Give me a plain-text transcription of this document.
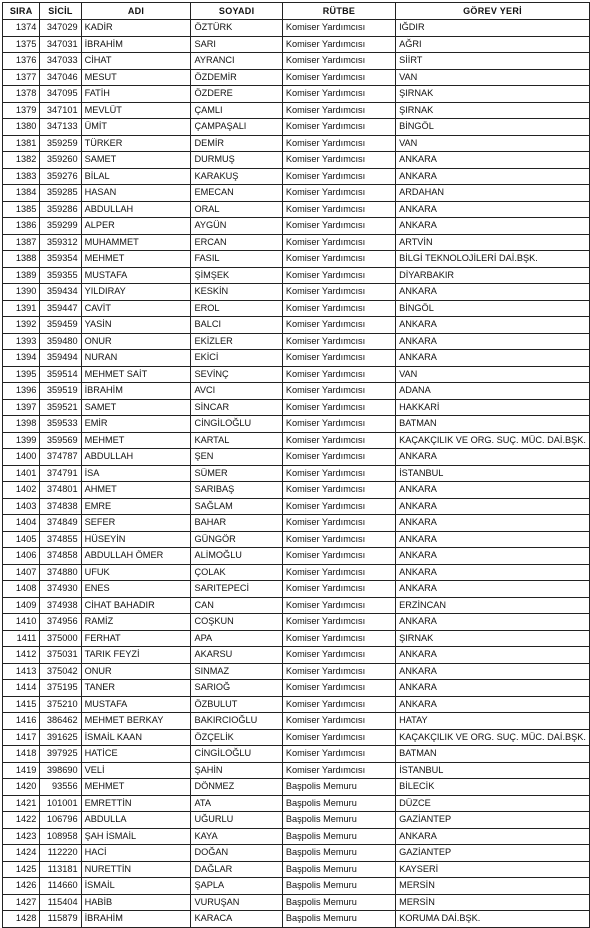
SIRA	SİCİL	ADI	SOYADI	RÜTBE	GÖREV YERİ
1374	347029	KADİR	ÖZTÜRK	Komiser Yardımcısı	IĞDIR
1375	347031	İBRAHİM	SARI	Komiser Yardımcısı	AĞRI
1376	347033	CİHAT	AYRANCI	Komiser Yardımcısı	SİİRT
1377	347046	MESUT	ÖZDEMİR	Komiser Yardımcısı	VAN
1378	347095	FATİH	ÖZDERE	Komiser Yardımcısı	ŞIRNAK
1379	347101	MEVLÜT	ÇAMLI	Komiser Yardımcısı	ŞIRNAK
1380	347133	ÜMİT	ÇAMPAŞALI	Komiser Yardımcısı	BİNGÖL
1381	359259	TÜRKER	DEMİR	Komiser Yardımcısı	VAN
1382	359260	SAMET	DURMUŞ	Komiser Yardımcısı	ANKARA
1383	359276	BİLAL	KARAKUŞ	Komiser Yardımcısı	ANKARA
1384	359285	HASAN	EMECAN	Komiser Yardımcısı	ARDAHAN
1385	359286	ABDULLAH	ORAL	Komiser Yardımcısı	ANKARA
1386	359299	ALPER	AYGÜN	Komiser Yardımcısı	ANKARA
1387	359312	MUHAMMET	ERCAN	Komiser Yardımcısı	ARTVİN
1388	359354	MEHMET	FASIL	Komiser Yardımcısı	BİLGİ TEKNOLOJİLERİ DAİ.BŞK.
1389	359355	MUSTAFA	ŞİMŞEK	Komiser Yardımcısı	DİYARBAKIR
1390	359434	YILDIRAY	KESKİN	Komiser Yardımcısı	ANKARA
1391	359447	CAVİT	EROL	Komiser Yardımcısı	BİNGÖL
1392	359459	YASİN	BALCI	Komiser Yardımcısı	ANKARA
1393	359480	ONUR	EKİZLER	Komiser Yardımcısı	ANKARA
1394	359494	NURAN	EKİCİ	Komiser Yardımcısı	ANKARA
1395	359514	MEHMET SAİT	SEVİNÇ	Komiser Yardımcısı	VAN
1396	359519	İBRAHİM	AVCI	Komiser Yardımcısı	ADANA
1397	359521	SAMET	SİNCAR	Komiser Yardımcısı	HAKKARİ
1398	359533	EMİR	CİNGİLOĞLU	Komiser Yardımcısı	BATMAN
1399	359569	MEHMET	KARTAL	Komiser Yardımcısı	KAÇAKÇILIK VE ORG. SUÇ. MÜC. DAİ.BŞK.
1400	374787	ABDULLAH	ŞEN	Komiser Yardımcısı	ANKARA
1401	374791	İSA	SÜMER	Komiser Yardımcısı	İSTANBUL
1402	374801	AHMET	SARIBAŞ	Komiser Yardımcısı	ANKARA
1403	374838	EMRE	SAĞLAM	Komiser Yardımcısı	ANKARA
1404	374849	SEFER	BAHAR	Komiser Yardımcısı	ANKARA
1405	374855	HÜSEYİN	GÜNGÖR	Komiser Yardımcısı	ANKARA
1406	374858	ABDULLAH ÖMER	ALİMOĞLU	Komiser Yardımcısı	ANKARA
1407	374880	UFUK	ÇOLAK	Komiser Yardımcısı	ANKARA
1408	374930	ENES	SARITEPECİ	Komiser Yardımcısı	ANKARA
1409	374938	CİHAT BAHADIR	CAN	Komiser Yardımcısı	ERZİNCAN
1410	374956	RAMİZ	COŞKUN	Komiser Yardımcısı	ANKARA
1411	375000	FERHAT	APA	Komiser Yardımcısı	ŞIRNAK
1412	375031	TARIK FEYZİ	AKARSU	Komiser Yardımcısı	ANKARA
1413	375042	ONUR	SINMAZ	Komiser Yardımcısı	ANKARA
1414	375195	TANER	SARIOĞ	Komiser Yardımcısı	ANKARA
1415	375210	MUSTAFA	ÖZBULUT	Komiser Yardımcısı	ANKARA
1416	386462	MEHMET BERKAY	BAKIRCIOĞLU	Komiser Yardımcısı	HATAY
1417	391625	İSMAİL KAAN	ÖZÇELİK	Komiser Yardımcısı	KAÇAKÇILIK VE ORG. SUÇ. MÜC. DAİ.BŞK.
1418	397925	HATİCE	CİNGİLOĞLU	Komiser Yardımcısı	BATMAN
1419	398690	VELİ	ŞAHİN	Komiser Yardımcısı	İSTANBUL
1420	93556	MEHMET	DÖNMEZ	Başpolis Memuru	BİLECİK
1421	101001	EMRETTİN	ATA	Başpolis Memuru	DÜZCE
1422	106796	ABDULLA	UĞURLU	Başpolis Memuru	GAZİANTEP
1423	108958	ŞAH İSMAİL	KAYA	Başpolis Memuru	ANKARA
1424	112220	HACİ	DOĞAN	Başpolis Memuru	GAZİANTEP
1425	113181	NURETTİN	DAĞLAR	Başpolis Memuru	KAYSERİ
1426	114660	İSMAİL	ŞAPLA	Başpolis Memuru	MERSİN
1427	115404	HABİB	VURUŞAN	Başpolis Memuru	MERSİN
1428	115879	İBRAHİM	KARACA	Başpolis Memuru	KORUMA DAİ.BŞK.
